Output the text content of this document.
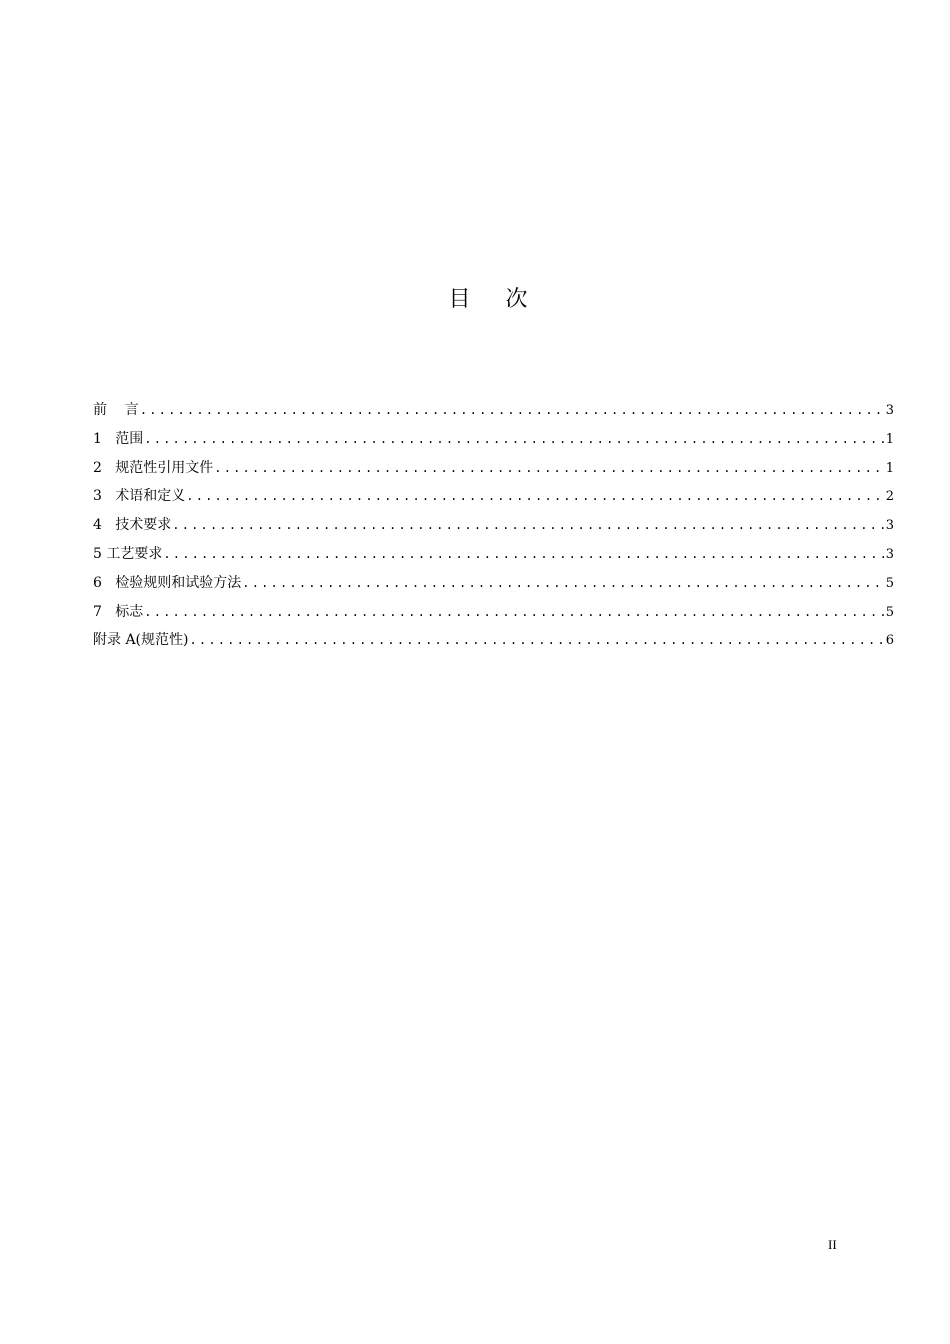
目 次
前    言 .....	3
1   范围 .....	1
2   规范性引用文件 .....	1
3   术语和定义 .....	2
4   技术要求 .....	3
5 工艺要求 .....	3
6   检验规则和试验方法 .....	5
7   标志 .....	5
附录 A(规范性) .....	6
II
